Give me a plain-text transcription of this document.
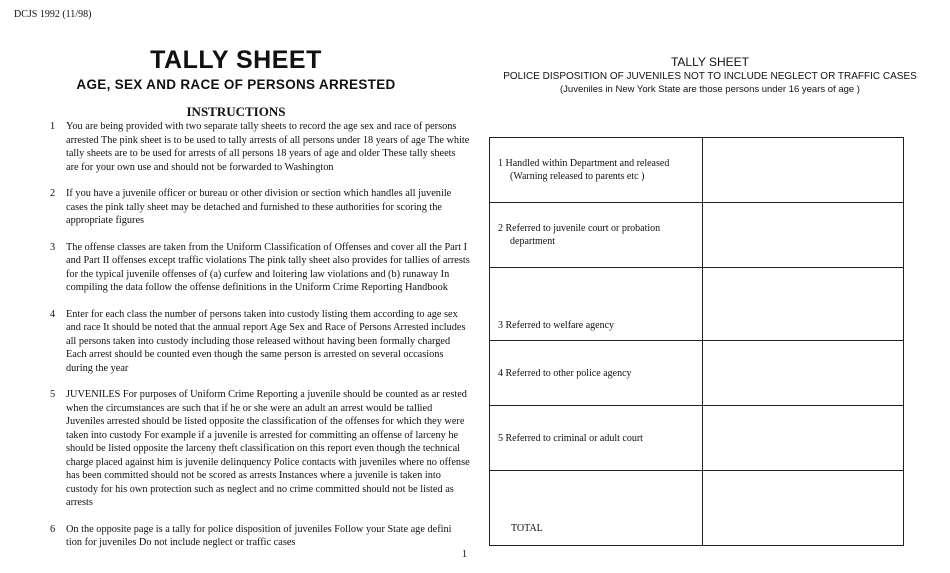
DCJS 1992 (11/98)
TALLY SHEET
AGE, SEX AND RACE OF PERSONS ARRESTED
INSTRUCTIONS
1 You are being provided with two separate tally sheets to record the age sex and race of persons arrested The pink sheet is to be used to tally arrests of all persons under 18 years of age The white tally sheets are to be used for arrests of all persons 18 years of age and older These tally sheets are for your own use and should not be forwarded to Washington
2 If you have a juvenile officer or bureau or other division or section which handles all juvenile cases the pink tally sheet may be detached and furnished to these authorities for scoring the appropriate figures
3 The offense classes are taken from the Uniform Classification of Offenses and cover all the Part I and Part II offenses except traffic violations The pink tally sheet also provides for tallies of arrests for the typical juvenile offenses of (a) curfew and loitering law violations and (b) runaway In compiling the data follow the offense definitions in the Uniform Crime Reporting Handbook
4 Enter for each class the number of persons taken into custody listing them according to age sex and race It should be noted that the annual report Age Sex and Race of Persons Arrested includes all persons taken into custody including those released without having been formally charged Each arrest should be counted even though the same person is arrested on several occasions during the year
5 JUVENILES For purposes of Uniform Crime Reporting a juvenile should be counted as ar rested when the circumstances are such that if he or she were an adult an arrest would be tallied Juveniles arrested should be listed opposite the classification of the offenses for which they were taken into custody For example if a juvenile is arrested for committing an offense of larceny he should be listed opposite the larceny theft classification on this report even though the technical charge placed against him is juvenile delinquency Police contacts with juveniles where no offense has been committed should not be scored as arrests Instances where a juvenile is taken into custody for his own protection such as neglect and no crime committed should not be listed as arrests
6 On the opposite page is a tally for police disposition of juveniles Follow your State age defini tion for juveniles Do not include neglect or traffic cases
TALLY SHEET
POLICE DISPOSITION OF JUVENILES NOT TO INCLUDE NEGLECT OR TRAFFIC CASES
(Juveniles in New York State are those persons under 16 years of age )
1 Handled within Department and released
(Warning released to parents etc )	

2 Referred to juvenile court or probation
department	

3 Referred to welfare agency	

4 Referred to other police agency	

5 Referred to criminal or adult court	

TOTAL	
1
